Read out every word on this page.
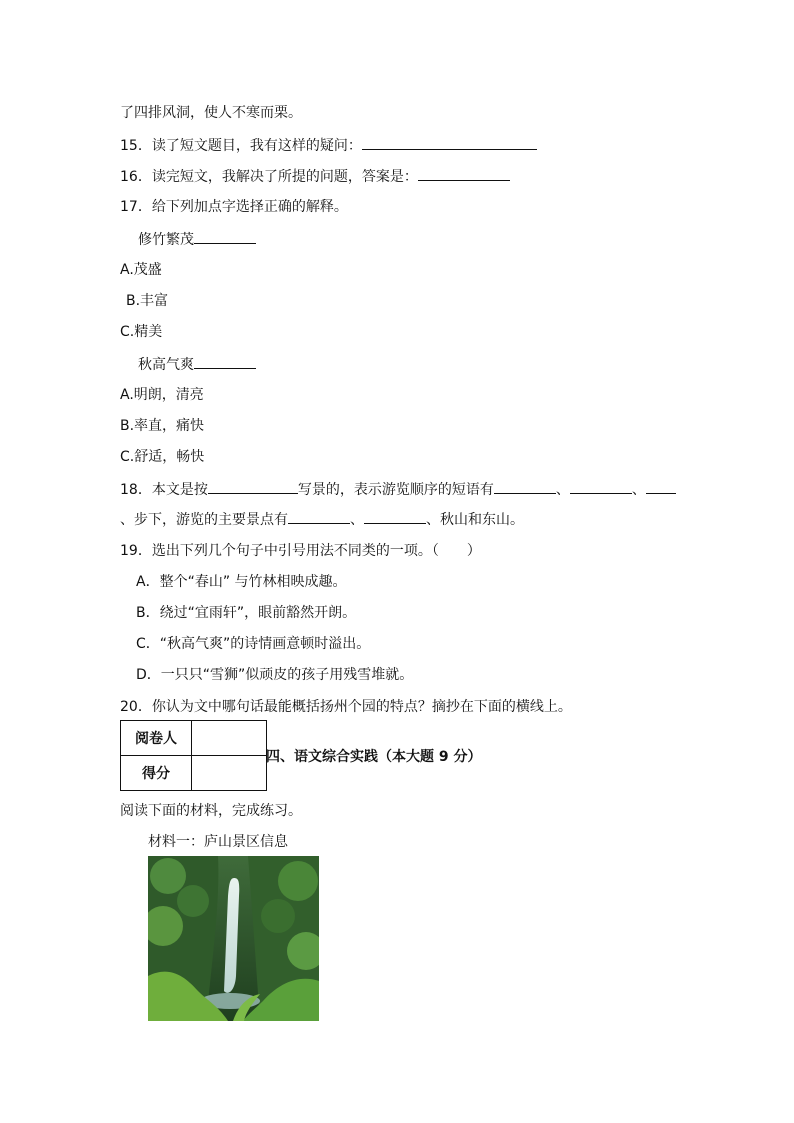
了四排风洞，使人不寒而栗。
15．读了短文题目，我有这样的疑问：
16．读完短文，我解决了所提的问题，答案是：
17．给下列加点字选择正确的解释。
修竹繁茂
A.茂盛
B.丰富
C.精美
秋高气爽
A.明朗，清亮
B.率直，痛快
C.舒适，畅快
18．本文是按	写景的，表示游览顺序的短语有	、	、
、步下，游览的主要景点有	、	、秋山和东山。
19．选出下列几个句子中引号用法不同类的一项。（　　）
A．整个“春山” 与竹林相映成趣。
B．绕过“宜雨轩”，眼前豁然开朗。
C．“秋高气爽”的诗情画意顿时溢出。
D．一只只“雪狮”似顽皮的孩子用残雪堆就。
20．你认为文中哪句话最能概括扬州个园的特点？摘抄在下面的横线上。
阅卷人	
得分	
四、语文综合实践（本大题 9 分）
阅读下面的材料，完成练习。
材料一：庐山景区信息
